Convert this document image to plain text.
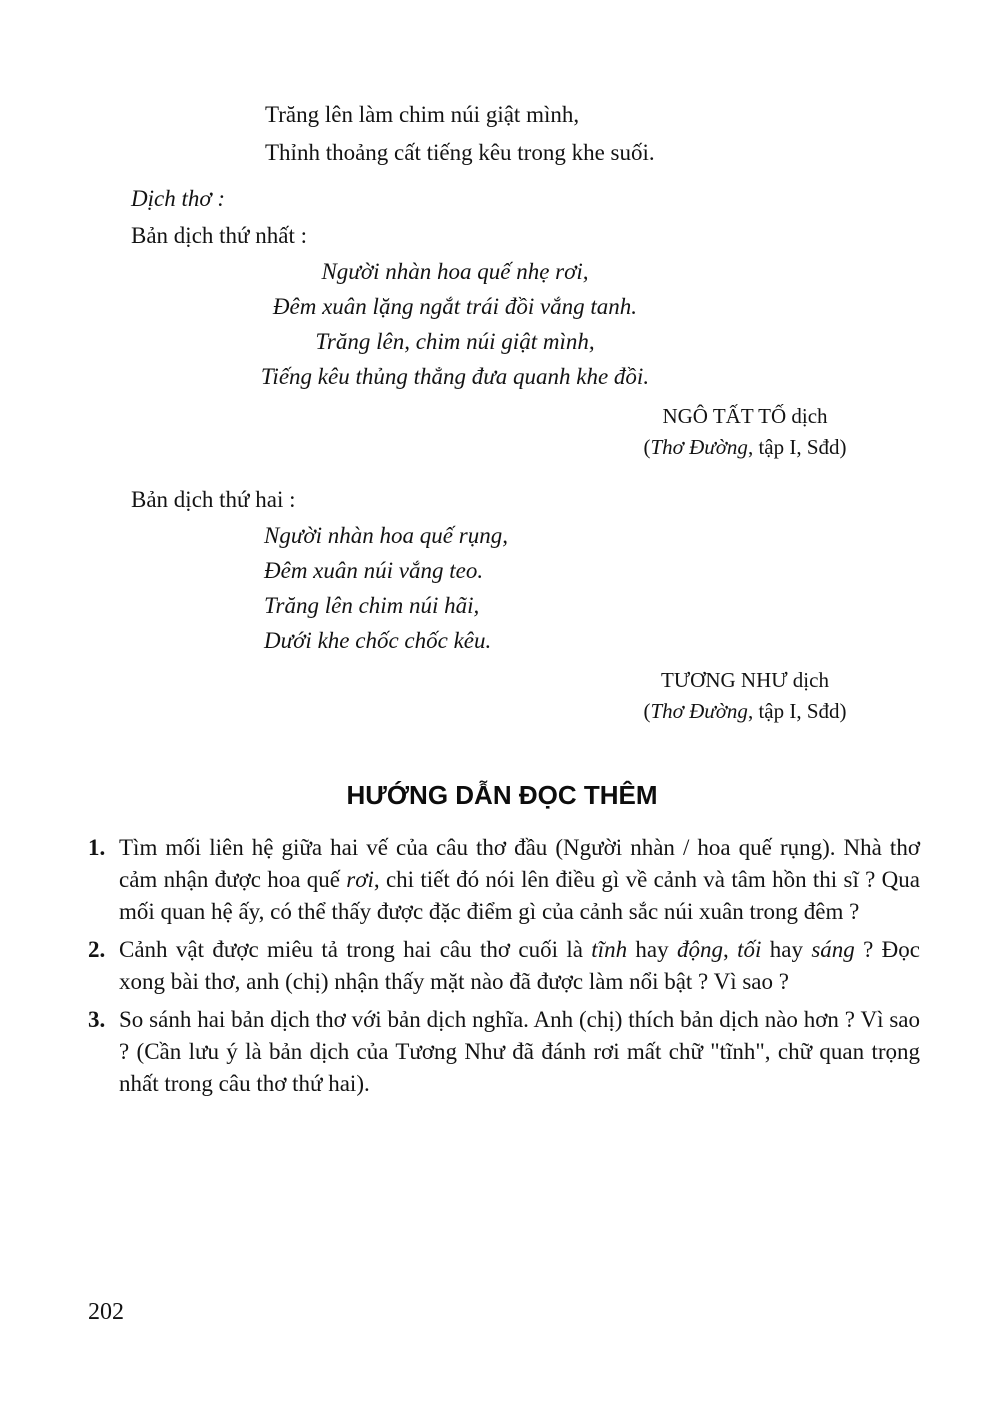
Trăng lên làm chim núi giật mình,
Thỉnh thoảng cất tiếng kêu trong khe suối.

Dịch thơ :

Bản dịch thứ nhất :

Người nhàn hoa quế nhẹ rơi,
Đêm xuân lặng ngắt trái đồi vắng tanh.
Trăng lên, chim núi giật mình,
Tiếng kêu thủng thẳng đưa quanh khe đồi.
NGÔ TẤT TỐ dịch
(Thơ Đường, tập I, Sđd)

Bản dịch thứ hai :

Người nhàn hoa quế rụng,
Đêm xuân núi vắng teo.
Trăng lên chim núi hãi,
Dưới khe chốc chốc kêu.
TƯƠNG NHƯ dịch
(Thơ Đường, tập I, Sđd)
HƯỚNG DẪN ĐỌC THÊM
1. Tìm mối liên hệ giữa hai vế của câu thơ đầu (Người nhàn / hoa quế rụng). Nhà thơ cảm nhận được hoa quế rơi, chi tiết đó nói lên điều gì về cảnh và tâm hồn thi sĩ ? Qua mối quan hệ ấy, có thể thấy được đặc điểm gì của cảnh sắc núi xuân trong đêm ?
2. Cảnh vật được miêu tả trong hai câu thơ cuối là tĩnh hay động, tối hay sáng ? Đọc xong bài thơ, anh (chị) nhận thấy mặt nào đã được làm nổi bật ? Vì sao ?
3. So sánh hai bản dịch thơ với bản dịch nghĩa. Anh (chị) thích bản dịch nào hơn ? Vì sao ? (Cần lưu ý là bản dịch của Tương Như đã đánh rơi mất chữ "tĩnh", chữ quan trọng nhất trong câu thơ thứ hai).
202
